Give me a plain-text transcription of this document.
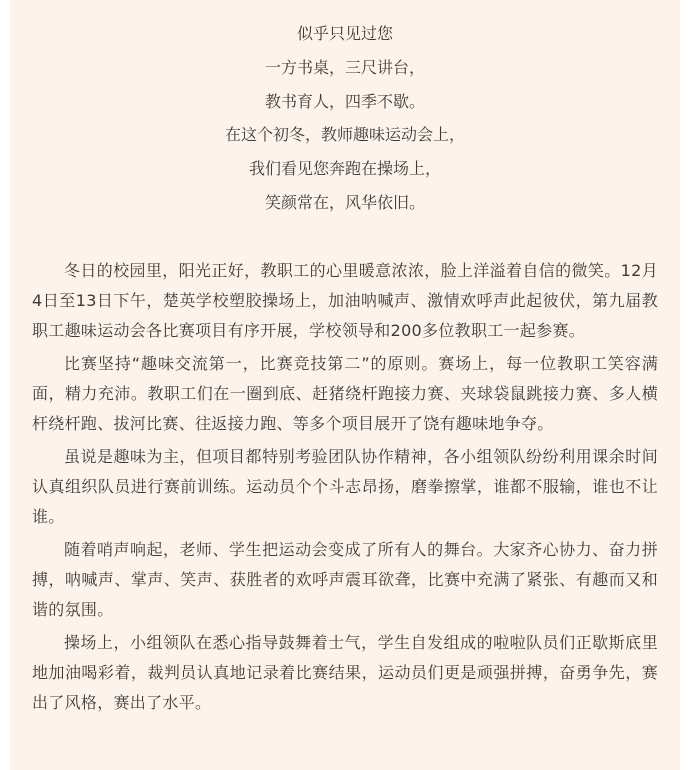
似乎只见过您
一方书桌，三尺讲台，
教书育人，四季不歇。
在这个初冬，教师趣味运动会上，
我们看见您奔跑在操场上，
笑颜常在，风华依旧。

冬日的校园里，阳光正好，教职工的心里暖意浓浓，脸上洋溢着自信的微笑。12月4日至13日下午，楚英学校塑胶操场上，加油呐喊声、激情欢呼声此起彼伏，第九届教职工趣味运动会各比赛项目有序开展，学校领导和200多位教职工一起参赛。

比赛坚持“趣味交流第一，比赛竞技第二”的原则。赛场上，每一位教职工笑容满面，精力充沛。教职工们在一圈到底、赶猪绕杆跑接力赛、夹球袋鼠跳接力赛、多人横杆绕杆跑、拔河比赛、往返接力跑、等多个项目展开了饶有趣味地争夺。

虽说是趣味为主，但项目都特别考验团队协作精神，各小组领队纷纷利用课余时间认真组织队员进行赛前训练。运动员个个斗志昂扬，磨拳擦掌，谁都不服输，谁也不让谁。

随着哨声响起，老师、学生把运动会变成了所有人的舞台。大家齐心协力、奋力拼搏，呐喊声、掌声、笑声、获胜者的欢呼声震耳欲聋，比赛中充满了紧张、有趣而又和谐的氛围。

操场上，小组领队在悉心指导鼓舞着士气，学生自发组成的啦啦队员们正歇斯底里地加油喝彩着，裁判员认真地记录着比赛结果，运动员们更是顽强拼搏，奋勇争先，赛出了风格，赛出了水平。
